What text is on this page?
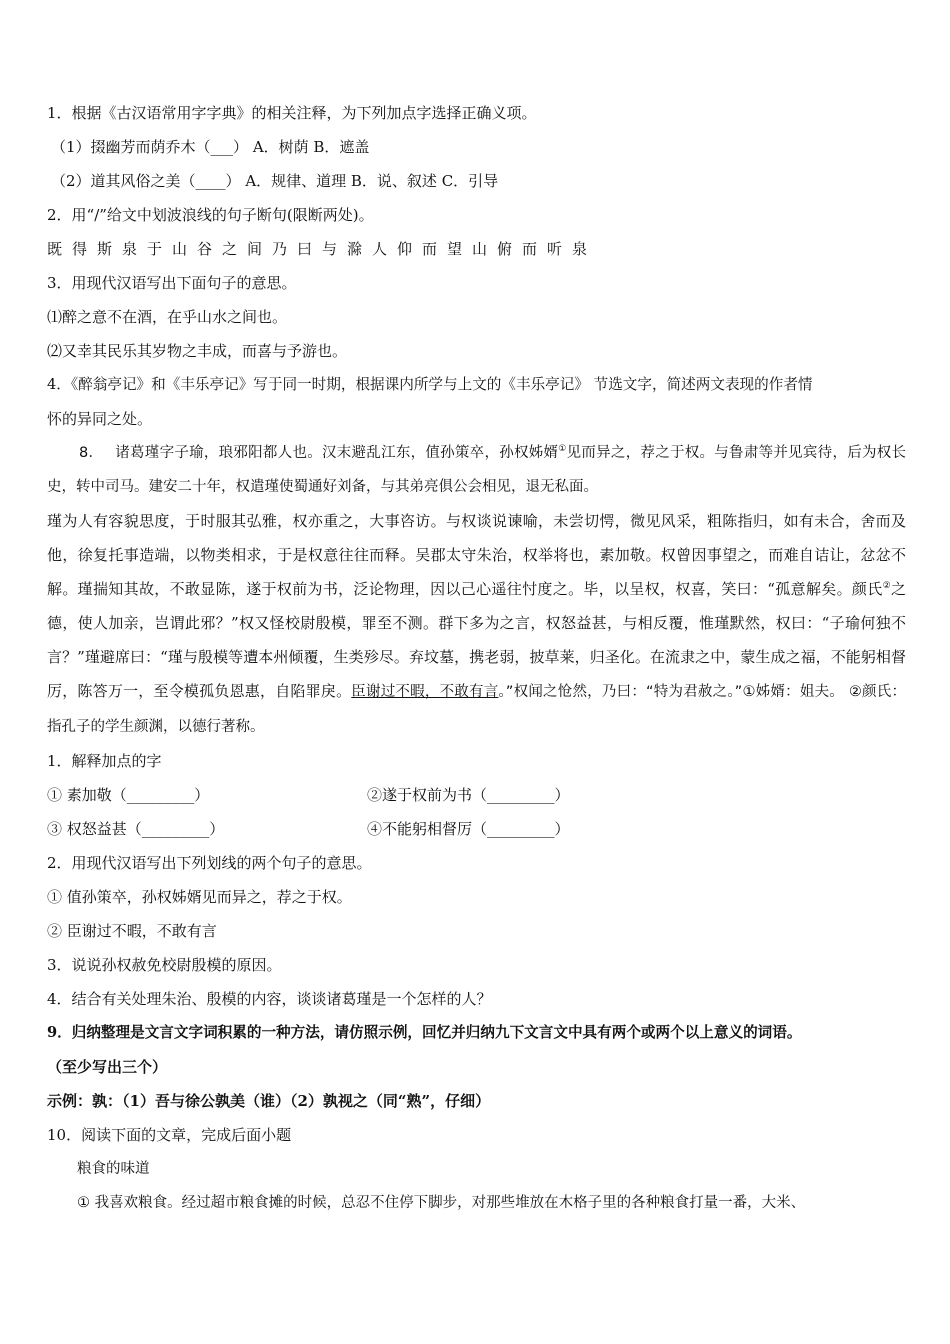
1．根据《古汉语常用字字典》的相关注释，为下列加点字选择正确义项。
（1）掇幽芳而荫乔木（___） A．树荫 B．遮盖
（2）道其风俗之美（____） A．规律、道理 B．说、叙述 C．引导
2．用“/”给文中划波浪线的句子断句(限断两处)。
既得斯泉于山谷之间乃曰与滁人仰而望山俯而听泉
3．用现代汉语写出下面句子的意思。
⑴醉之意不在酒，在乎山水之间也。
⑵又幸其民乐其岁物之丰成，而喜与予游也。
4．《醉翁亭记》和《丰乐亭记》写于同一时期，根据课内所学与上文的《丰乐亭记》 节选文字，简述两文表现的作者情
怀的异同之处。
8． 诸葛瑾字子瑜，琅邪阳都人也。汉末避乱江东，值孙策卒，孙权姊婿①见而异之，荐之于权。与鲁肃等并见宾待，后为权长史，转中司马。建安二十年，权遣瑾使蜀通好刘备，与其弟亮俱公会相见，退无私面。
瑾为人有容貌思度，于时服其弘雅，权亦重之，大事咨访。与权谈说谏喻，未尝切愕，微见风采，粗陈指归，如有未合，舍而及他，徐复托事造端，以物类相求，于是权意往往而释。吴郡太守朱治，权举将也，素加敬。权曾因事望之，而难自诘让，忿忿不解。瑾揣知其故，不敢显陈，遂于权前为书，泛论物理，因以己心遥往忖度之。毕，以呈权，权喜，笑曰：“孤意解矣。颜氏②之德，使人加亲，岂谓此邪？”权又怪校尉殷模，罪至不测。群下多为之言，权怒益甚，与相反覆，惟瑾默然，权曰：“子瑜何独不言？”瑾避席曰：“瑾与殷模等遭本州倾覆，生类殄尽。弃坟墓，携老弱，披草莱，归圣化。在流隶之中，蒙生成之福，不能躬相督厉，陈答万一，至令模孤负恩惠，自陷罪戾。臣谢过不暇，不敢有言。”权闻之怆然，乃曰：“特为君赦之。”①姊婿：姐夫。 ②颜氏：指孔子的学生颜渊，以德行著称。
1．解释加点的字
① 素加敬（_________）	②遂于权前为书（_________）
③ 权怒益甚（_________）	④不能躬相督厉（_________）
2．用现代汉语写出下列划线的两个句子的意思。
① 值孙策卒，孙权姊婿见而异之，荐之于权。
② 臣谢过不暇，不敢有言
3．说说孙权赦免校尉殷模的原因。
4．结合有关处理朱治、殷模的内容，谈谈诸葛瑾是一个怎样的人？
9．归纳整理是文言文字词积累的一种方法，请仿照示例，回忆并归纳九下文言文中具有两个或两个以上意义的词语。
（至少写出三个）
示例：孰：（1）吾与徐公孰美（谁）（2）孰视之（同“熟”，仔细）
10．阅读下面的文章，完成后面小题
粮食的味道
① 我喜欢粮食。经过超市粮食摊的时候，总忍不住停下脚步，对那些堆放在木格子里的各种粮食打量一番，大米、
